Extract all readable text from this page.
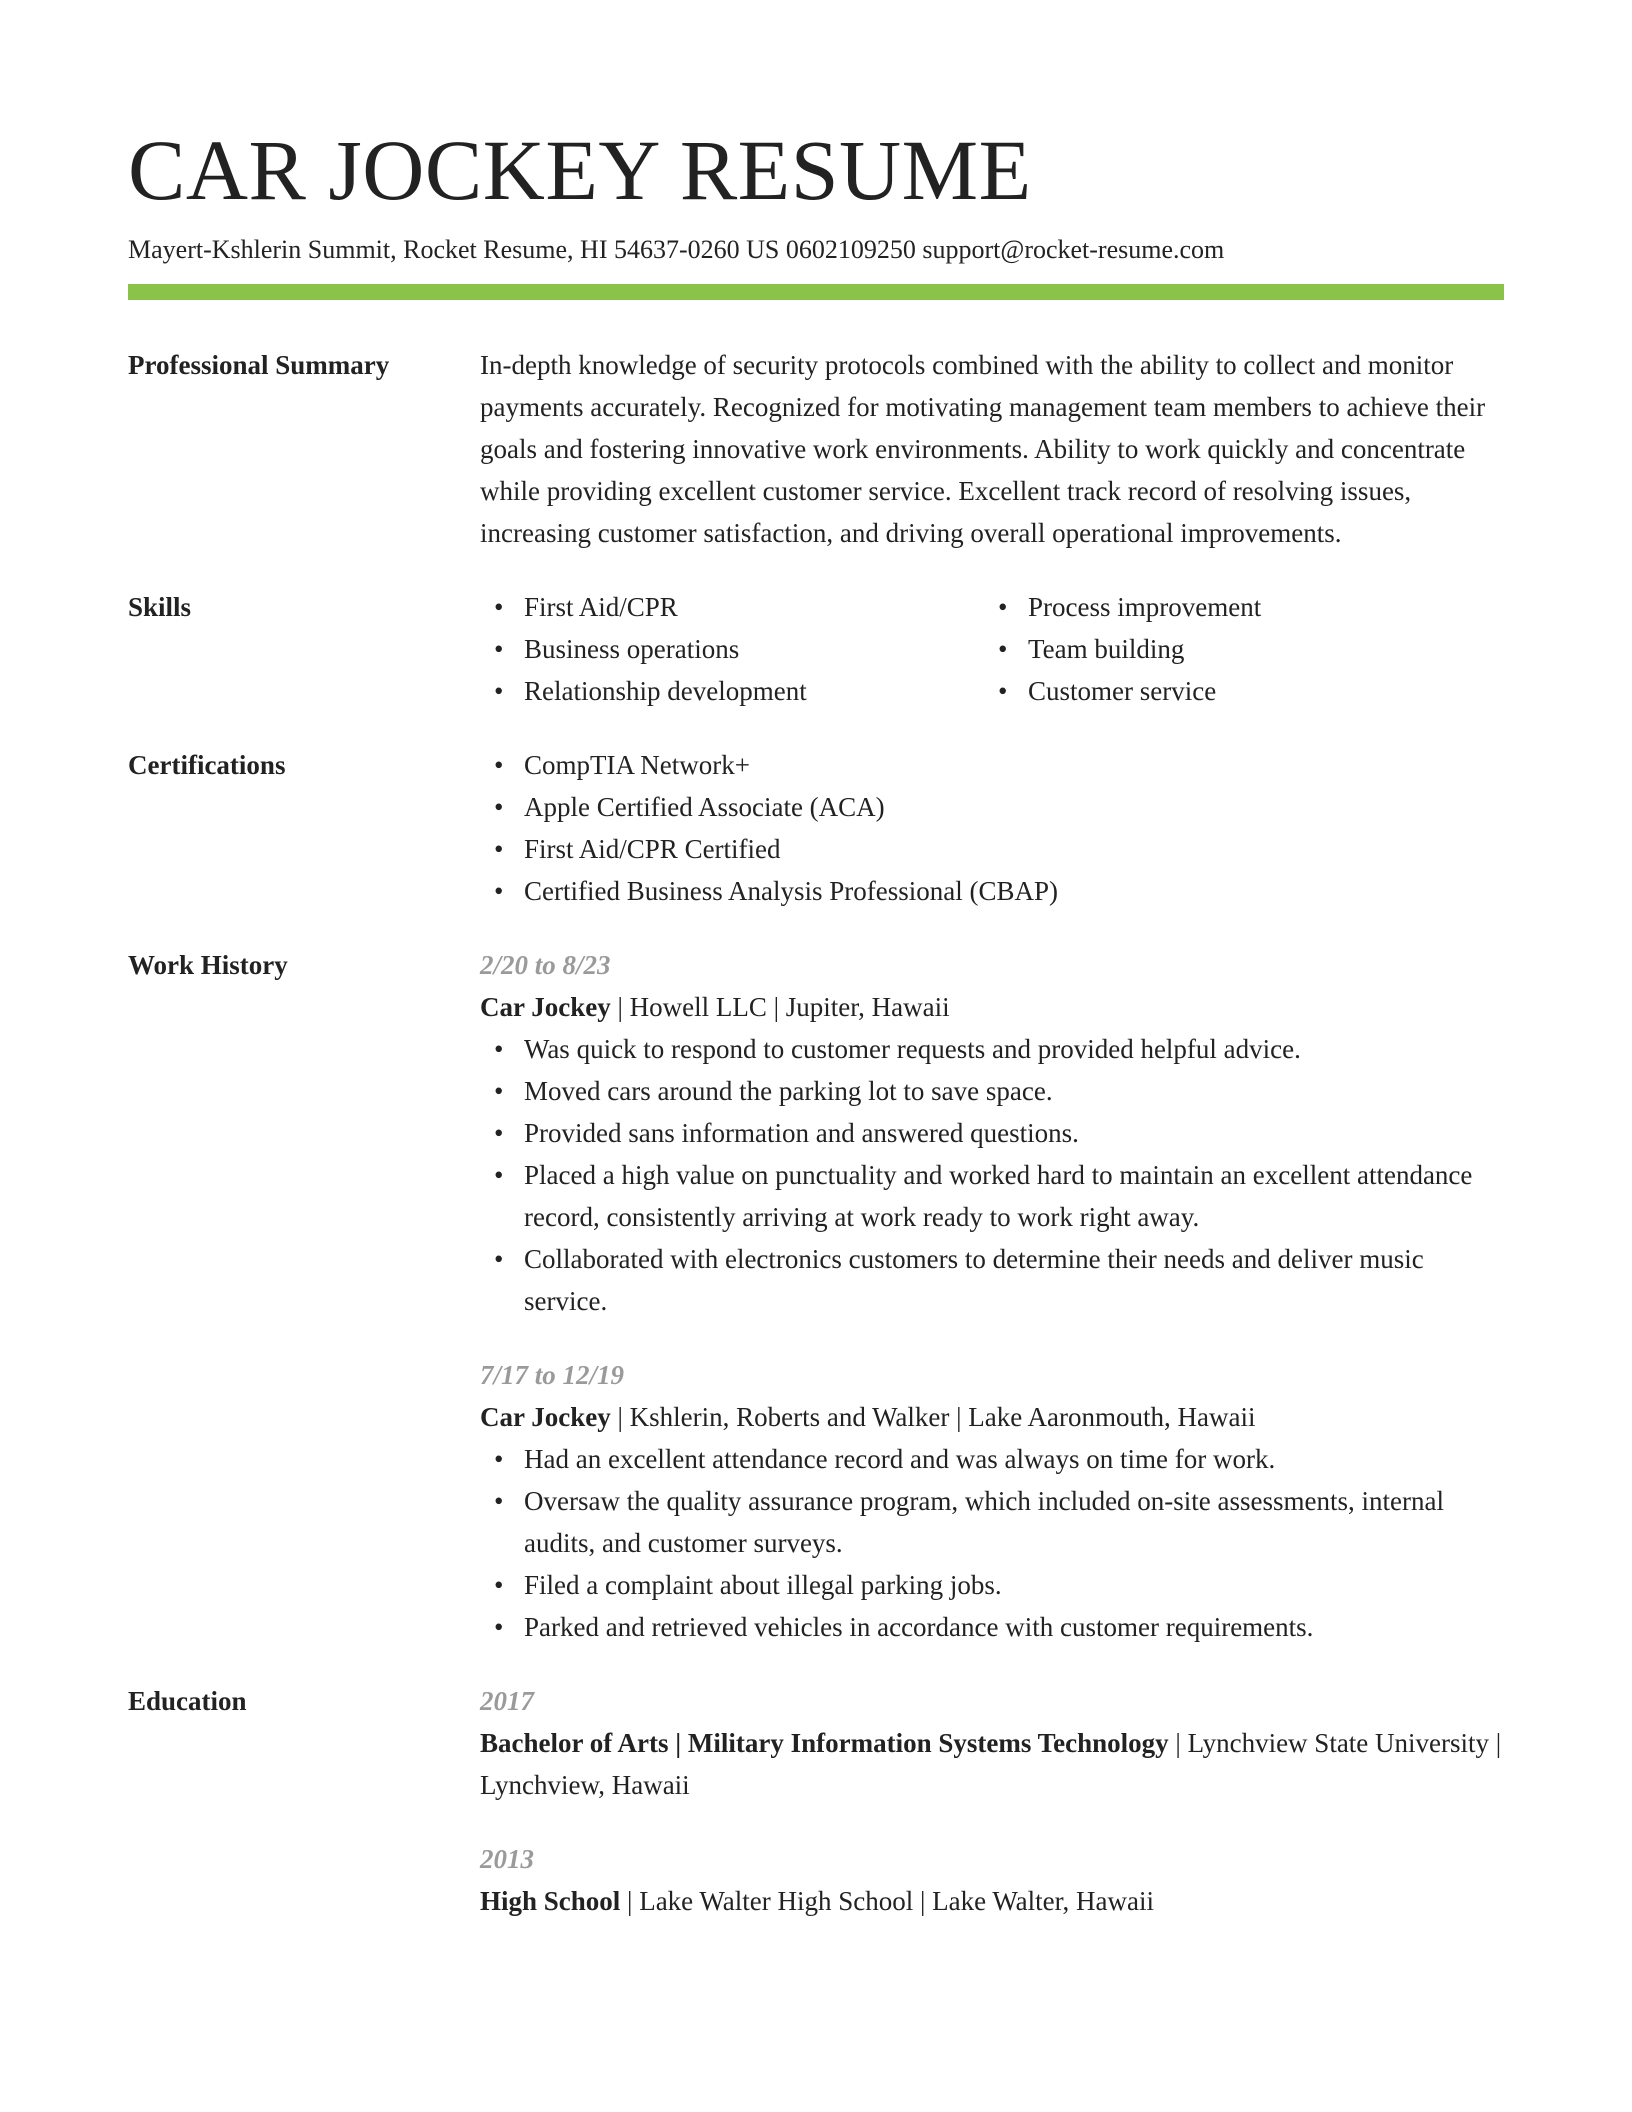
CAR JOCKEY RESUME
Mayert-Kshlerin Summit, Rocket Resume, HI 54637-0260 US 0602109250 support@rocket-resume.com
Professional Summary	In-depth knowledge of security protocols combined with the ability to collect and monitor payments accurately. Recognized for motivating management team members to achieve their goals and fostering innovative work environments. Ability to work quickly and concentrate while providing excellent customer service. Excellent track record of resolving issues, increasing customer satisfaction, and driving overall operational improvements.
Skills	• First Aid/CPR
• Business operations
• Relationship development
• Process improvement
• Team building
• Customer service
Certifications	• CompTIA Network+
• Apple Certified Associate (ACA)
• First Aid/CPR Certified
• Certified Business Analysis Professional (CBAP)
Work History	2/20 to 8/23
Car Jockey | Howell LLC | Jupiter, Hawaii
• Was quick to respond to customer requests and provided helpful advice.
• Moved cars around the parking lot to save space.
• Provided sans information and answered questions.
• Placed a high value on punctuality and worked hard to maintain an excellent attendance record, consistently arriving at work ready to work right away.
• Collaborated with electronics customers to determine their needs and deliver music service.
7/17 to 12/19
Car Jockey | Kshlerin, Roberts and Walker | Lake Aaronmouth, Hawaii
• Had an excellent attendance record and was always on time for work.
• Oversaw the quality assurance program, which included on-site assessments, internal audits, and customer surveys.
• Filed a complaint about illegal parking jobs.
• Parked and retrieved vehicles in accordance with customer requirements.
Education	2017
Bachelor of Arts | Military Information Systems Technology | Lynchview State University | Lynchview, Hawaii
2013
High School | Lake Walter High School | Lake Walter, Hawaii
